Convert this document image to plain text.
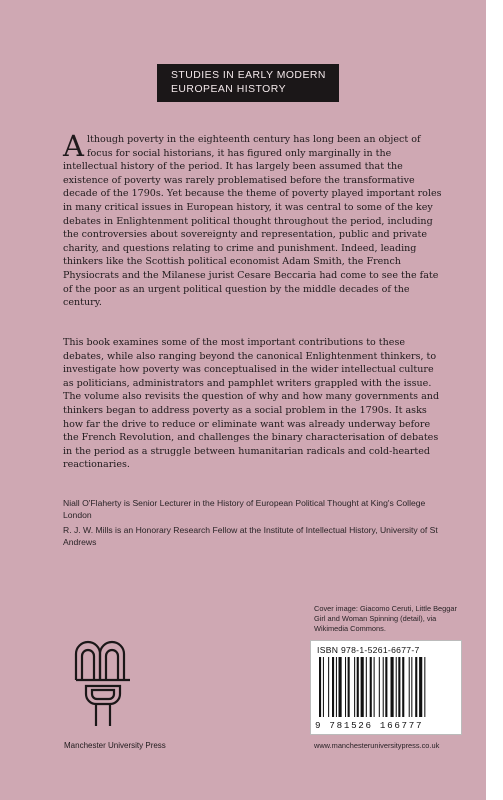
STUDIES IN EARLY MODERN
EUROPEAN HISTORY

Although poverty in the eighteenth century has long been an object of focus for social historians, it has figured only marginally in the intellectual history of the period. It has largely been assumed that the existence of poverty was rarely problematised before the transformative decade of the 1790s. Yet because the theme of poverty played important roles in many critical issues in European history, it was central to some of the key debates in Enlightenment political thought throughout the period, including the controversies about sovereignty and representation, public and private charity, and questions relating to crime and punishment. Indeed, leading thinkers like the Scottish political economist Adam Smith, the French Physiocrats and the Milanese jurist Cesare Beccaria had come to see the fate of the poor as an urgent political question by the middle decades of the century.

This book examines some of the most important contributions to these debates, while also ranging beyond the canonical Enlightenment thinkers, to investigate how poverty was conceptualised in the wider intellectual culture as politicians, administrators and pamphlet writers grappled with the issue. The volume also revisits the question of why and how many governments and thinkers began to address poverty as a social problem in the 1790s. It asks how far the drive to reduce or eliminate want was already underway before the French Revolution, and challenges the binary characterisation of debates in the period as a struggle between humanitarian radicals and cold-hearted reactionaries.

Niall O'Flaherty is Senior Lecturer in the History of European Political Thought at King's College London
R. J. W. Mills is an Honorary Research Fellow at the Institute of Intellectual History, University of St Andrews
Cover image: Giacomo Ceruti, Little Beggar Girl and Woman Spinning (detail), via Wikimedia Commons.
Manchester University Press
ISBN 978-1-5261-6677-7
9 781526 166777
www.manchesteruniversitypress.co.uk
